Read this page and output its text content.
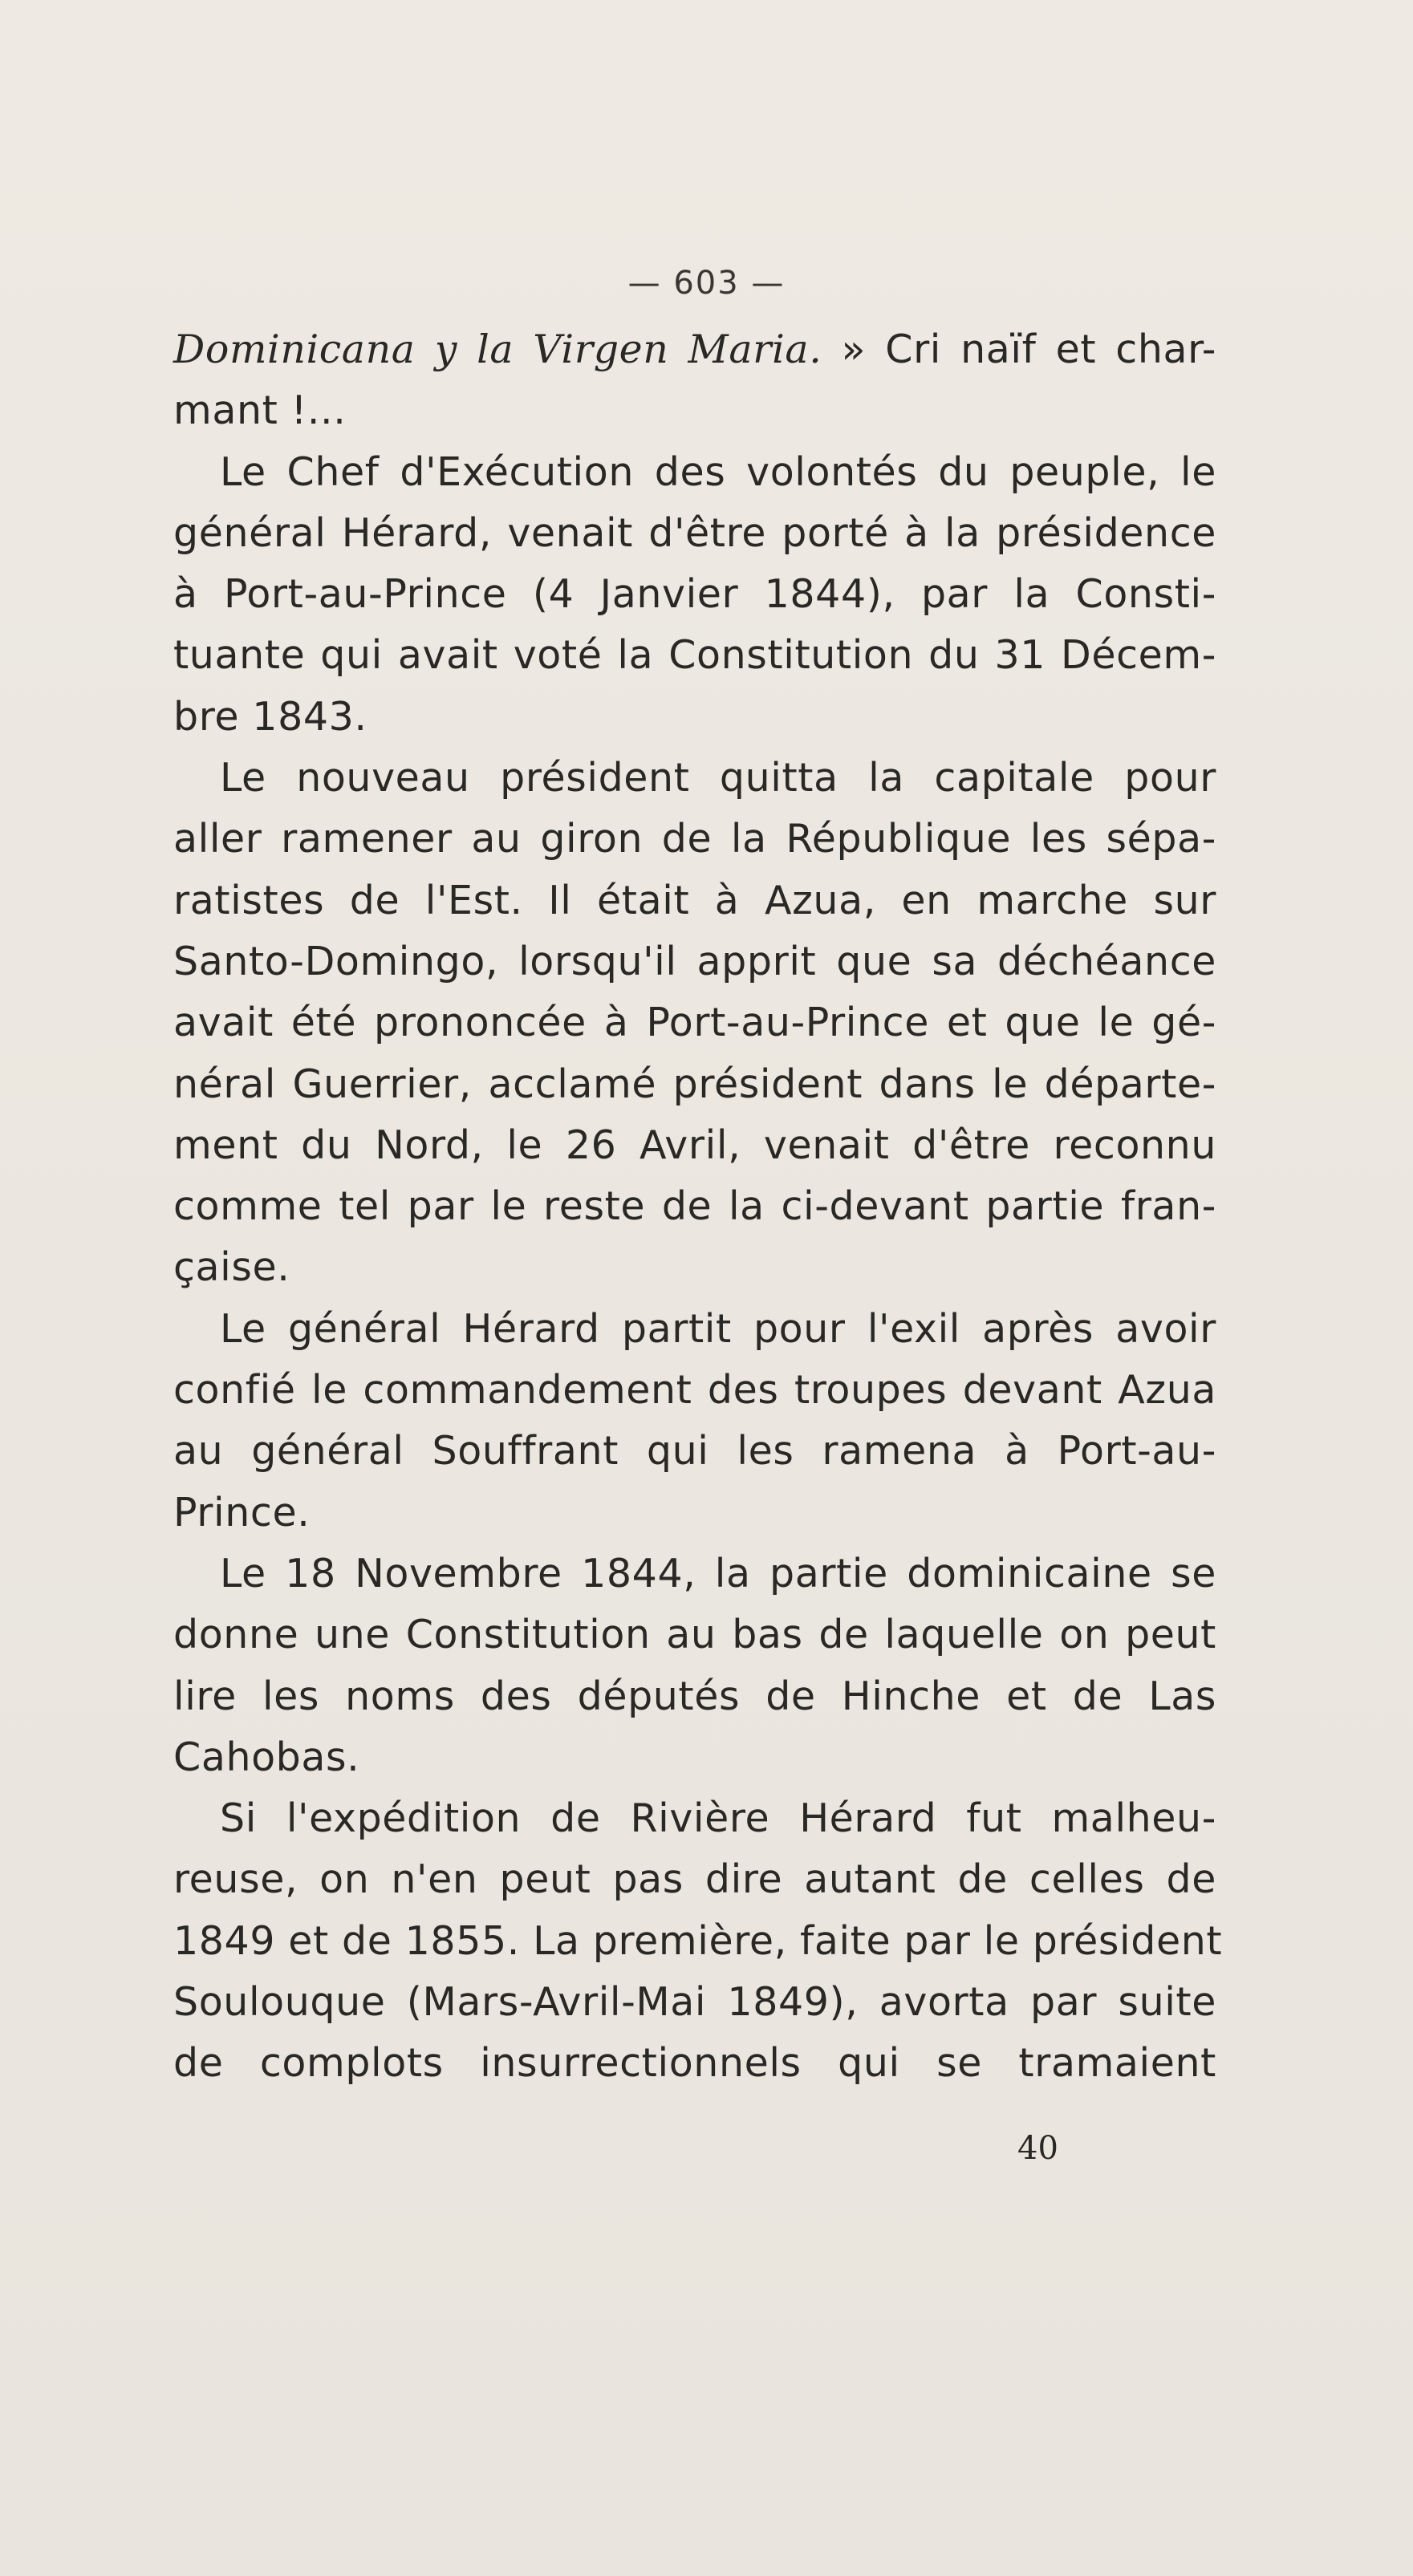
— 603 —
Dominicana y la Virgen Maria. » Cri naïf et char-
mant !...
Le Chef d'Exécution des volontés du peuple, le
général Hérard, venait d'être porté à la présidence
à Port-au-Prince (4 Janvier 1844), par la Consti-
tuante qui avait voté la Constitution du 31 Décem-
bre 1843.
Le nouveau président quitta la capitale pour
aller ramener au giron de la République les sépa-
ratistes de l'Est. Il était à Azua, en marche sur
Santo-Domingo, lorsqu'il apprit que sa déchéance
avait été prononcée à Port-au-Prince et que le gé-
néral Guerrier, acclamé président dans le départe-
ment du Nord, le 26 Avril, venait d'être reconnu
comme tel par le reste de la ci-devant partie fran-
çaise.
Le général Hérard partit pour l'exil après avoir
confié le commandement des troupes devant Azua
au général Souffrant qui les ramena à Port-au-
Prince.
Le 18 Novembre 1844, la partie dominicaine se
donne une Constitution au bas de laquelle on peut
lire les noms des députés de Hinche et de Las
Cahobas.
Si l'expédition de Rivière Hérard fut malheu-
reuse, on n'en peut pas dire autant de celles de
1849 et de 1855. La première, faite par le président
Soulouque (Mars-Avril-Mai 1849), avorta par suite
de complots insurrectionnels qui se tramaient
40
